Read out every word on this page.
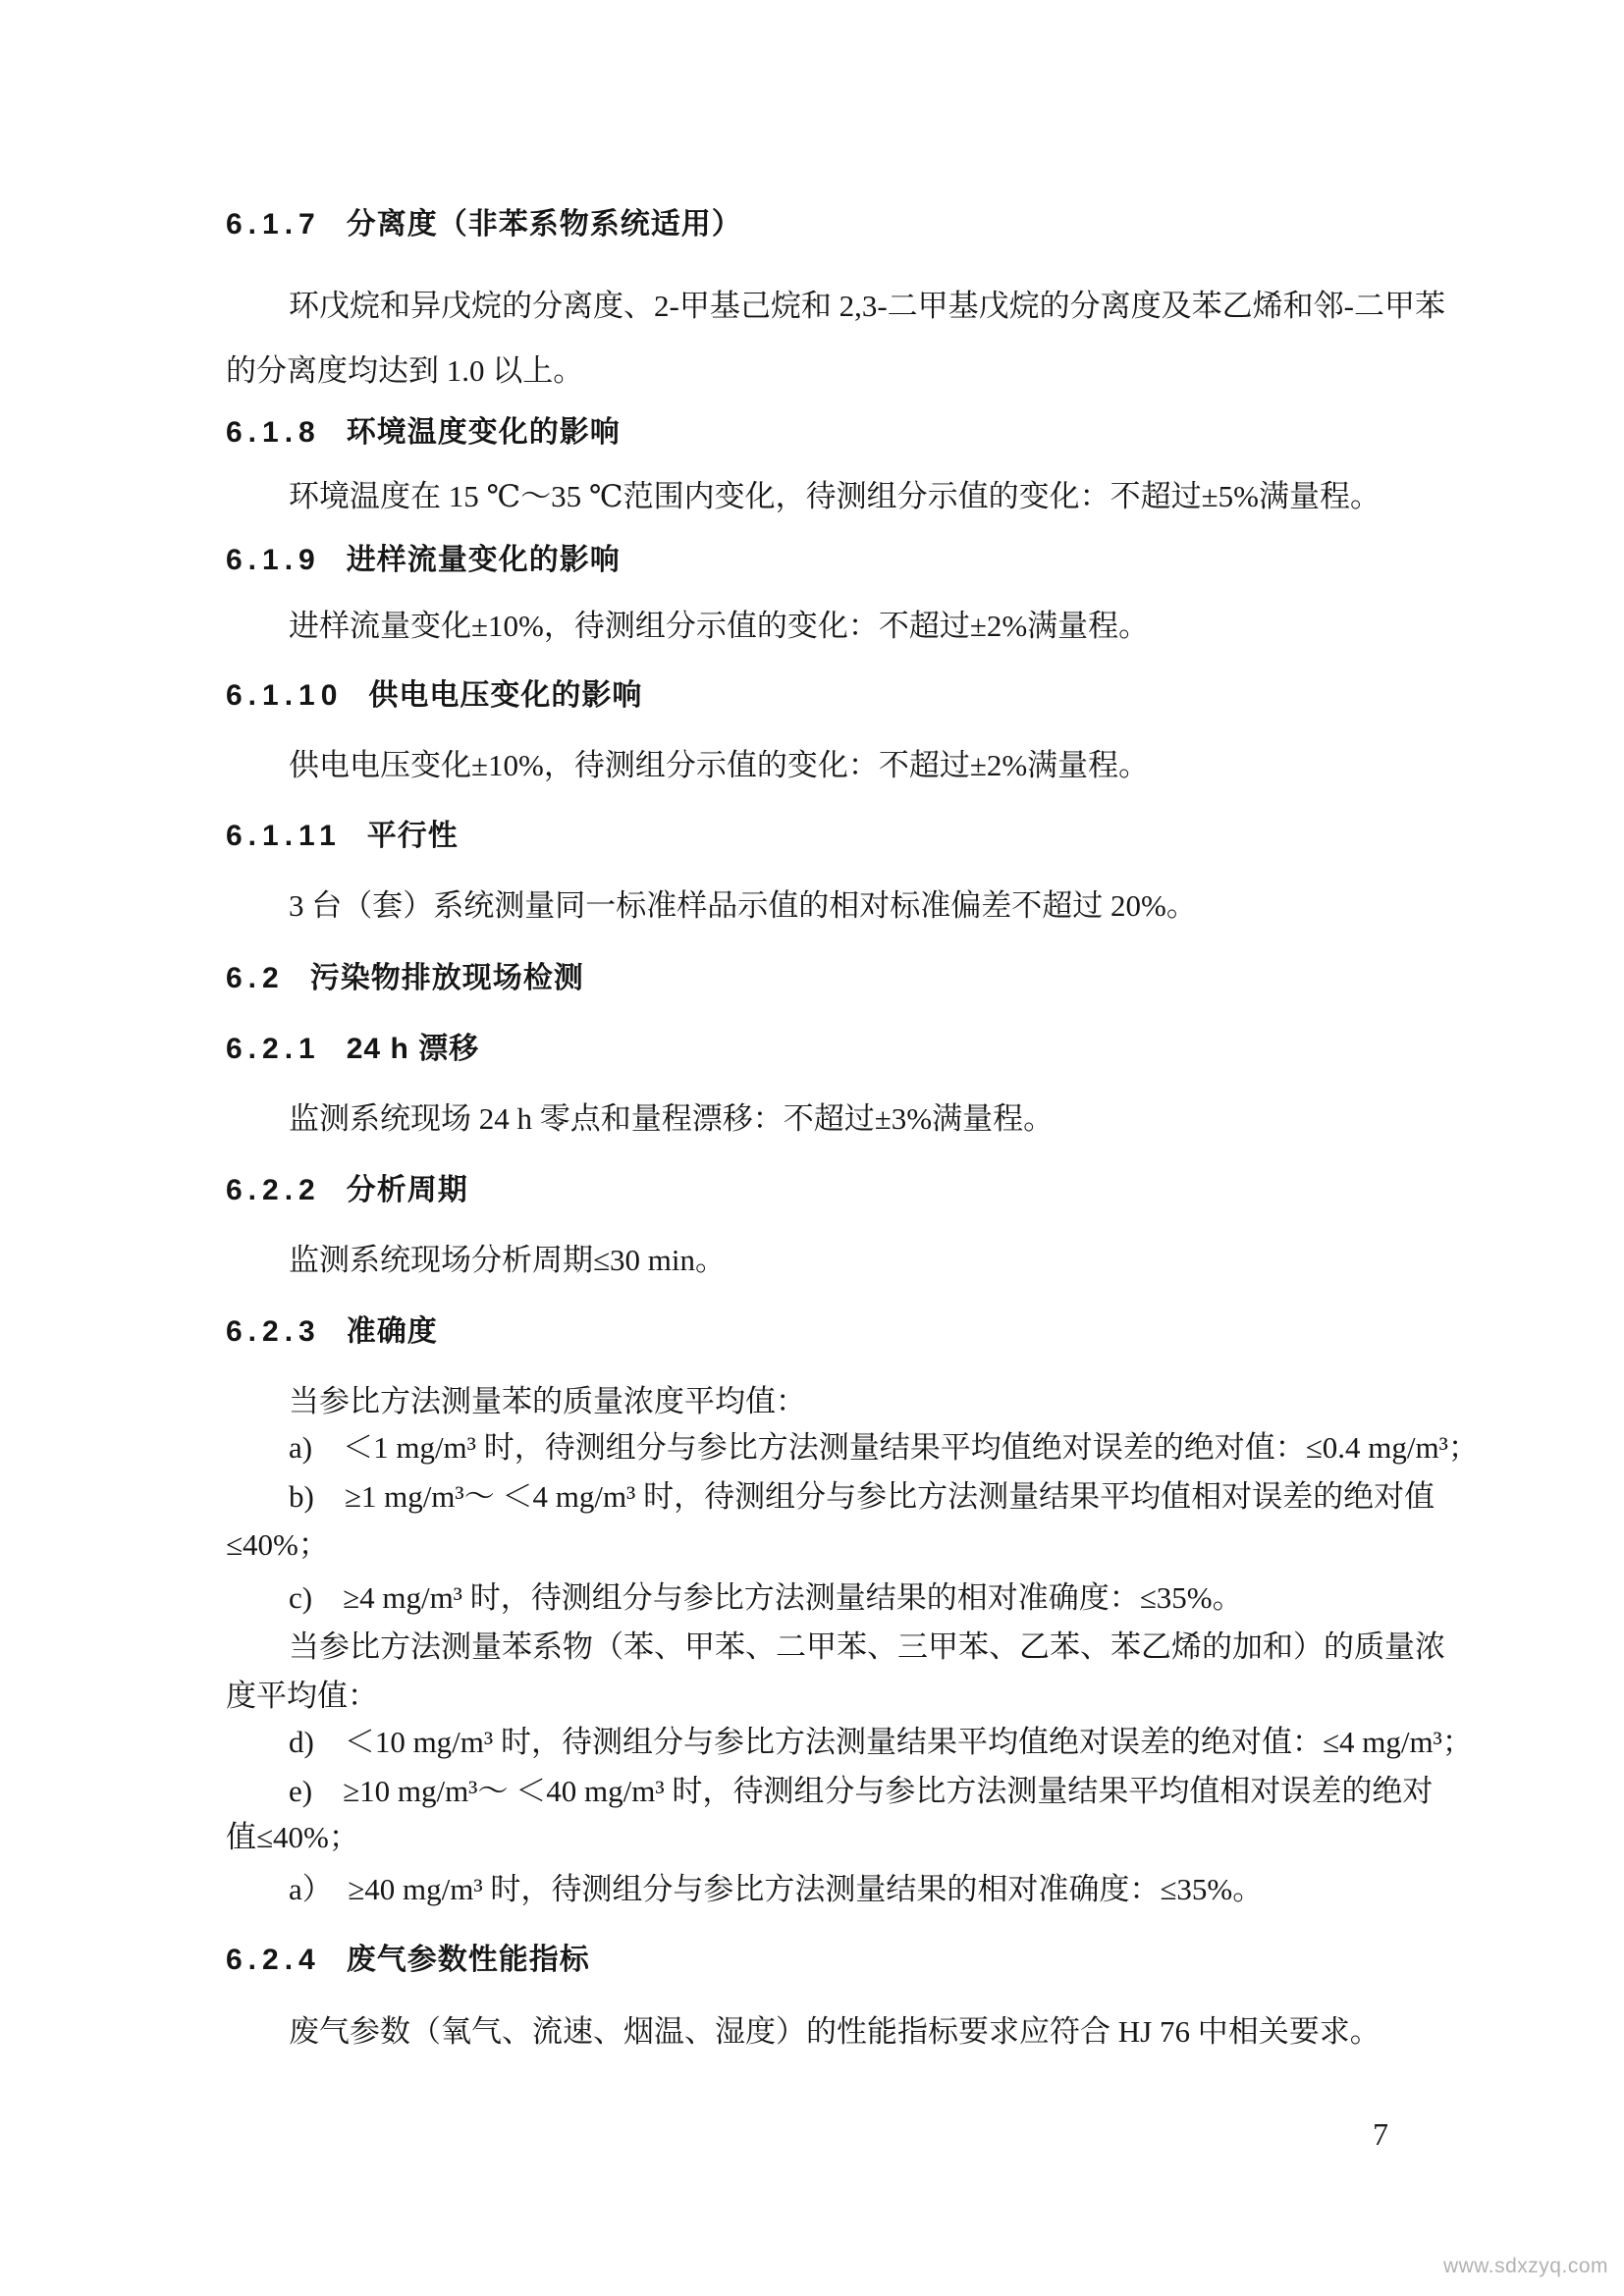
6.1.7 分离度（非苯系物系统适用）
环戊烷和异戊烷的分离度、2-甲基己烷和 2,3-二甲基戊烷的分离度及苯乙烯和邻-二甲苯
的分离度均达到 1.0 以上。
6.1.8 环境温度变化的影响
环境温度在 15 ℃～35 ℃范围内变化，待测组分示值的变化：不超过±5%满量程。
6.1.9 进样流量变化的影响
进样流量变化±10%，待测组分示值的变化：不超过±2%满量程。
6.1.10 供电电压变化的影响
供电电压变化±10%，待测组分示值的变化：不超过±2%满量程。
6.1.11 平行性
3 台（套）系统测量同一标准样品示值的相对标准偏差不超过 20%。
6.2 污染物排放现场检测
6.2.1 24 h 漂移
监测系统现场 24 h 零点和量程漂移：不超过±3%满量程。
6.2.2 分析周期
监测系统现场分析周期≤30 min。
6.2.3 准确度
当参比方法测量苯的质量浓度平均值：
a)　＜1 mg/m³ 时，待测组分与参比方法测量结果平均值绝对误差的绝对值：≤0.4 mg/m³；
b)　≥1 mg/m³～ ＜4 mg/m³ 时，待测组分与参比方法测量结果平均值相对误差的绝对值
≤40%；
c)　≥4 mg/m³ 时，待测组分与参比方法测量结果的相对准确度：≤35%。
当参比方法测量苯系物（苯、甲苯、二甲苯、三甲苯、乙苯、苯乙烯的加和）的质量浓
度平均值：
d)　＜10 mg/m³ 时，待测组分与参比方法测量结果平均值绝对误差的绝对值：≤4 mg/m³；
e)　≥10 mg/m³～ ＜40 mg/m³ 时，待测组分与参比方法测量结果平均值相对误差的绝对
值≤40%；
a）　≥40 mg/m³ 时，待测组分与参比方法测量结果的相对准确度：≤35%。
6.2.4 废气参数性能指标
废气参数（氧气、流速、烟温、湿度）的性能指标要求应符合 HJ 76 中相关要求。
7
www.sdxzyq.com
